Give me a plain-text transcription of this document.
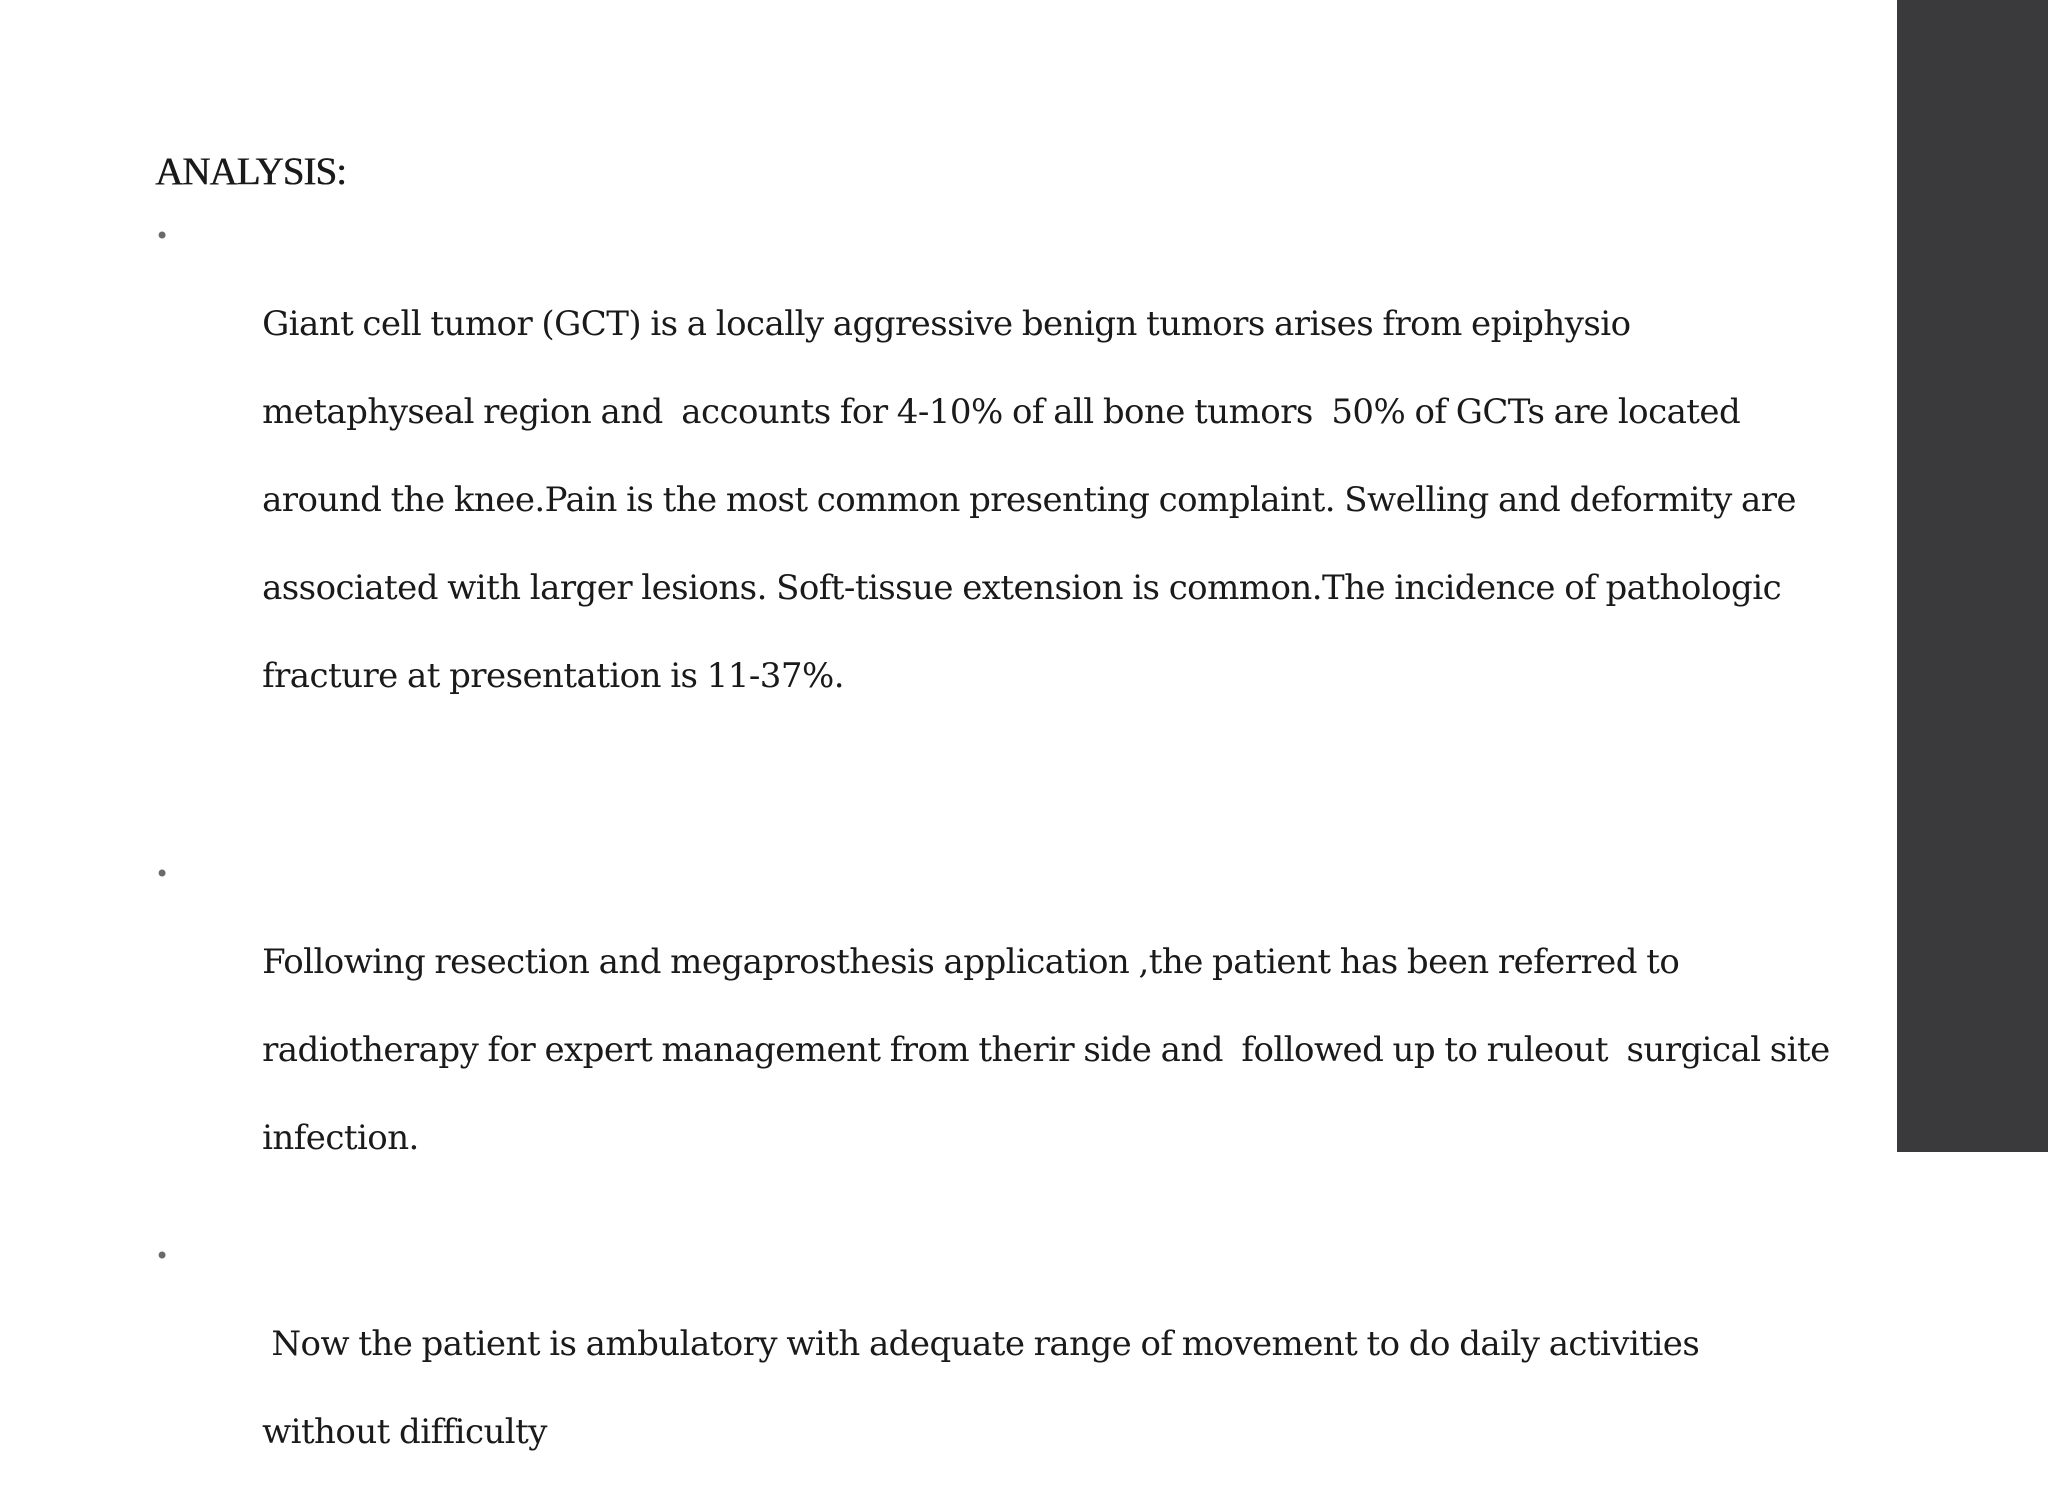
ANALYSIS:

•

Giant cell tumor (GCT) is a locally aggressive benign tumors arises from epiphysio

metaphyseal region and  accounts for 4-10% of all bone tumors  50% of GCTs are located

around the knee.Pain is the most common presenting complaint. Swelling and deformity are

associated with larger lesions. Soft-tissue extension is common.The incidence of pathologic

fracture at presentation is 11-37%.

•

Following resection and megaprosthesis application ,the patient has been referred to

radiotherapy for expert management from therir side and  followed up to ruleout  surgical site

infection.

•

Now the patient is ambulatory with adequate range of movement to do daily activities

without difficulty
